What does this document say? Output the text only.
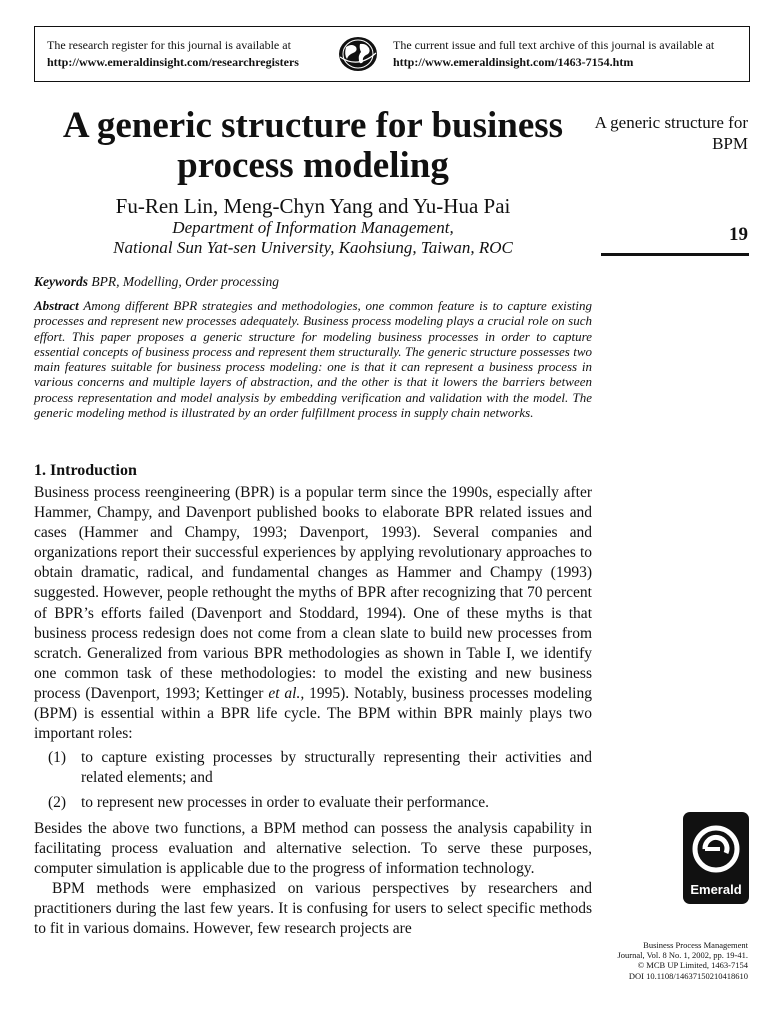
The research register for this journal is available at
http://www.emeraldinsight.com/researchregisters
The current issue and full text archive of this journal is available at
http://www.emeraldinsight.com/1463-7154.htm
A generic structure for business process modeling
Fu-Ren Lin, Meng-Chyn Yang and Yu-Hua Pai
Department of Information Management,
National Sun Yat-sen University, Kaohsiung, Taiwan, ROC
A generic structure for BPM
19
Keywords BPR, Modelling, Order processing

Abstract Among different BPR strategies and methodologies, one common feature is to capture existing processes and represent new processes adequately. Business process modeling plays a crucial role on such effort. This paper proposes a generic structure for modeling business processes in order to capture essential concepts of business process and represent them structurally. The generic structure possesses two main features suitable for business process modeling: one is that it can represent a business process in various concerns and multiple layers of abstraction, and the other is that it lowers the barriers between process representation and model analysis by embedding verification and validation with the model. The generic modeling method is illustrated by an order fulfillment process in supply chain networks.

1. Introduction

Business process reengineering (BPR) is a popular term since the 1990s, especially after Hammer, Champy, and Davenport published books to elaborate BPR related issues and cases (Hammer and Champy, 1993; Davenport, 1993). Several companies and organizations report their successful experiences by applying revolutionary approaches to obtain dramatic, radical, and fundamental changes as Hammer and Champy (1993) suggested. However, people rethought the myths of BPR after recognizing that 70 percent of BPR’s efforts failed (Davenport and Stoddard, 1994). One of these myths is that business process redesign does not come from a clean slate to build new processes from scratch. Generalized from various BPR methodologies as shown in Table I, we identify one common task of these methodologies: to model the existing and new business process (Davenport, 1993; Kettinger et al., 1995). Notably, business processes modeling (BPM) is essential within a BPR life cycle. The BPM within BPR mainly plays two important roles:

(1) to capture existing processes by structurally representing their activities and related elements; and
(2) to represent new processes in order to evaluate their performance.

Besides the above two functions, a BPM method can possess the analysis capability in facilitating process evaluation and alternative selection. To serve these purposes, computer simulation is applicable due to the progress of information technology.

BPM methods were emphasized on various perspectives by researchers and practitioners during the last few years. It is confusing for users to select specific methods to fit in various domains. However, few research projects are

Emerald
Business Process Management
Journal, Vol. 8 No. 1, 2002, pp. 19-41.
© MCB UP Limited, 1463-7154
DOI 10.1108/14637150210418610
